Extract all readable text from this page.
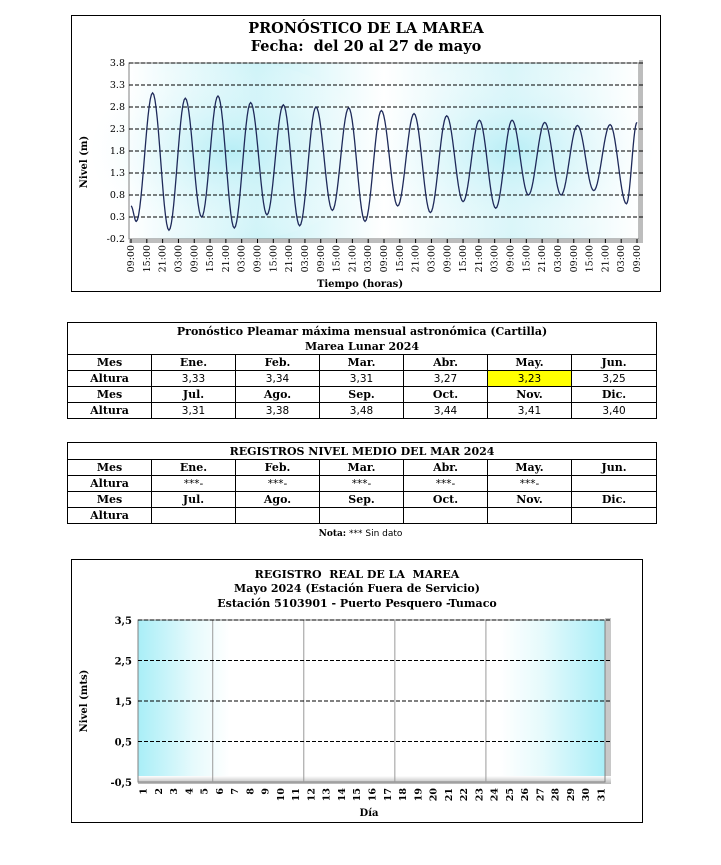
PRONÓSTICO DE LA MAREA
Fecha:  del 20 al 27 de mayo
-0.2
0.3
0.8
1.3
1.8
2.3
2.8
3.3
3.8
09:00 15:00 21:00 03:00 09:00 15:00 21:00 03:00 09:00 15:00 21:00 03:00 09:00 15:00 21:00 03:00 09:00 15:00 21:00 03:00 09:00 15:00 21:00 03:00 09:00 15:00 21:00 03:00 09:00 15:00 21:00 03:00 09:00
Tiempo (horas)
Nivel (m)
Pronóstico Pleamar máxima mensual astronómica (Cartilla)						
Marea Lunar 2024						
Mes	Ene.	Feb.	Mar.	Abr.	May.	Jun.
Altura	3,33	3,34	3,31	3,27	3,23	3,25
Mes	Jul.	Ago.	Sep.	Oct.	Nov.	Dic.
Altura	3,31	3,38	3,48	3,44	3,41	3,40
REGISTROS NIVEL MEDIO DEL MAR 2024						
Mes	Ene.	Feb.	Mar.	Abr.	May.	Jun.
Altura	***-	***-	***-	***-	***-	
Mes	Jul.	Ago.	Sep.	Oct.	Nov.	Dic.
Altura						
Nota: *** Sin dato
REGISTRO  REAL DE LA  MAREA
Mayo 2024 (Estación Fuera de Servicio)
Estación 5103901 - Puerto Pesquero -Tumaco
-0,5
0,5
1,5
2,5
3,5
1 2 3 4 5 6 7 8 9 10 11 12 13 14 15 16 17 18 19 20 21 22 23 24 25 26 27 28 29 30 31
Día
Nivel (mts)
